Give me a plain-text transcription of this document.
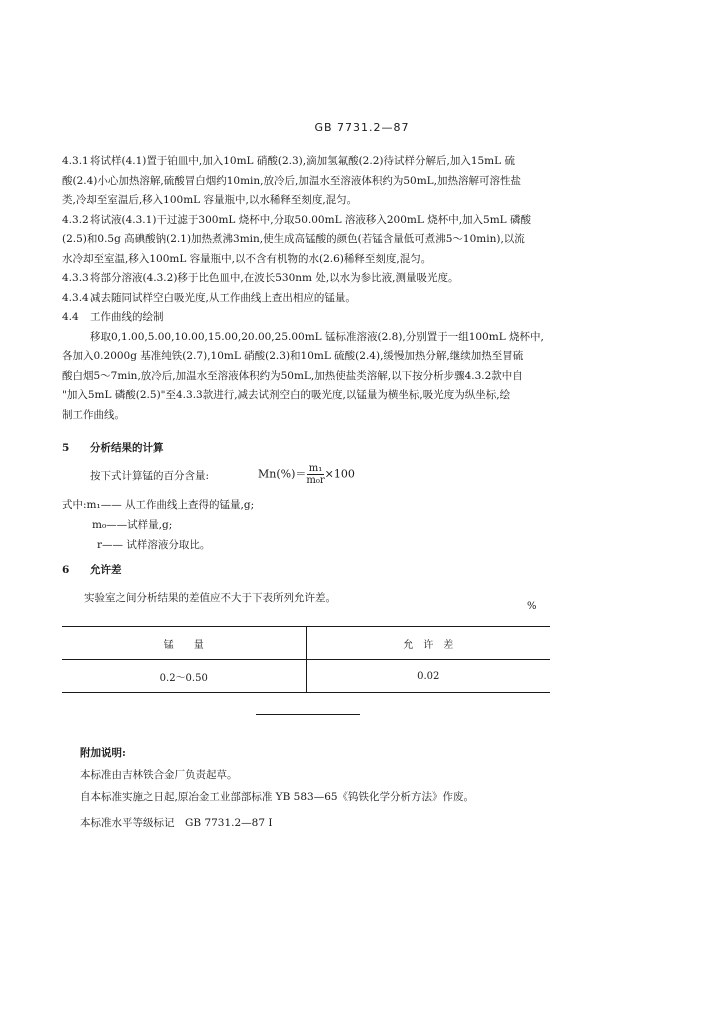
GB 7731.2—87
4.3.1将试样(4.1)置于铂皿中,加入10mL 硝酸(2.3),滴加氢氟酸(2.2)待试样分解后,加入15mL 硫
酸(2.4)小心加热溶解,硫酸冒白烟约10min,放冷后,加温水至溶液体积约为50mL,加热溶解可溶性盐
类,冷却至室温后,移入100mL 容量瓶中,以水稀释至刻度,混匀。
4.3.2将试液(4.3.1)干过滤于300mL 烧杯中,分取50.00mL 溶液移入200mL 烧杯中,加入5mL 磷酸
(2.5)和0.5g 高碘酸钠(2.1)加热煮沸3min,使生成高锰酸的颜色(若锰含量低可煮沸5～10min),以流
水冷却至室温,移入100mL 容量瓶中,以不含有机物的水(2.6)稀释至刻度,混匀。
4.3.3将部分溶液(4.3.2)移于比色皿中,在波长530nm 处,以水为参比液,测量吸光度。
4.3.4减去随同试样空白吸光度,从工作曲线上查出相应的锰量。
4.4 工作曲线的绘制
移取0,1.00,5.00,10.00,15.00,20.00,25.00mL 锰标准溶液(2.8),分别置于一组100mL 烧杯中,
各加入0.2000g 基准纯铁(2.7),10mL 硝酸(2.3)和10mL 硫酸(2.4),缓慢加热分解,继续加热至冒硫
酸白烟5～7min,放冷后,加温水至溶液体积约为50mL,加热使盐类溶解,以下按分析步骤4.3.2款中自
"加入5mL 磷酸(2.5)"至4.3.3款进行,减去试剂空白的吸光度,以锰量为横坐标,吸光度为纵坐标,绘
制工作曲线。
5 分析结果的计算
按下式计算锰的百分含量:	$Mn(\%)= \frac{\text{m₁}}{\text{m₀r}} \times 100$
式中:m₁—— 从工作曲线上查得的锰量,g;
m₀——试样量,g;
r—— 试样溶液分取比。
6 允许差
实验室之间分析结果的差值应不大于下表所列允许差。
%
锰　　量	允　许　差
0.2～0.50	0.02
附加说明:
本标准由吉林铁合金厂负责起草。
自本标准实施之日起,原冶金工业部部标准 YB 583—65《钨铁化学分析方法》作废。
本标准水平等级标记　GB 7731.2—87 Ⅰ
